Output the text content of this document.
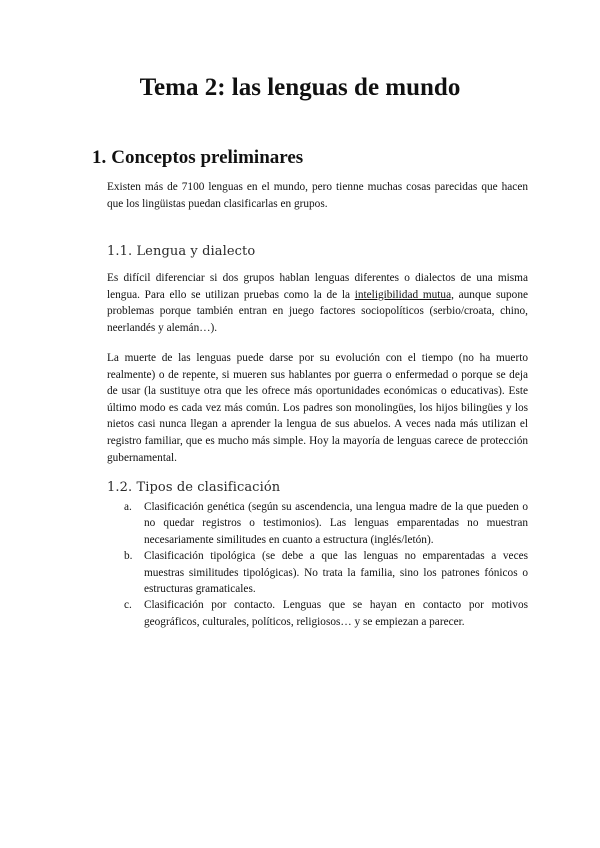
Tema 2: las lenguas de mundo
1. Conceptos preliminares

Existen más de 7100 lenguas en el mundo, pero tienne muchas cosas parecidas que hacen que los lingüistas puedan clasificarlas en grupos.

1.1. Lengua y dialecto

Es difícil diferenciar si dos grupos hablan lenguas diferentes o dialectos de una misma lengua. Para ello se utilizan pruebas como la de la inteligibilidad mutua, aunque supone problemas porque también entran en juego factores sociopolíticos (serbio/croata, chino, neerlandés y alemán…).

La muerte de las lenguas puede darse por su evolución con el tiempo (no ha muerto realmente) o de repente, si mueren sus hablantes por guerra o enfermedad o porque se deja de usar (la sustituye otra que les ofrece más oportunidades económicas o educativas). Este último modo es cada vez más común. Los padres son monolingües, los hijos bilingües y los nietos casi nunca llegan a aprender la lengua de sus abuelos. A veces nada más utilizan el registro familiar, que es mucho más simple. Hoy la mayoría de lenguas carece de protección gubernamental.

1.2. Tipos de clasificación
a. Clasificación genética (según su ascendencia, una lengua madre de la que pueden o no quedar registros o testimonios). Las lenguas emparentadas no muestran necesariamente similitudes en cuanto a estructura (inglés/letón).
b. Clasificación tipológica (se debe a que las lenguas no emparentadas a veces muestras similitudes tipológicas). No trata la familia, sino los patrones fónicos o estructuras gramaticales.
c. Clasificación por contacto. Lenguas que se hayan en contacto por motivos geográficos, culturales, políticos, religiosos… y se empiezan a parecer.
